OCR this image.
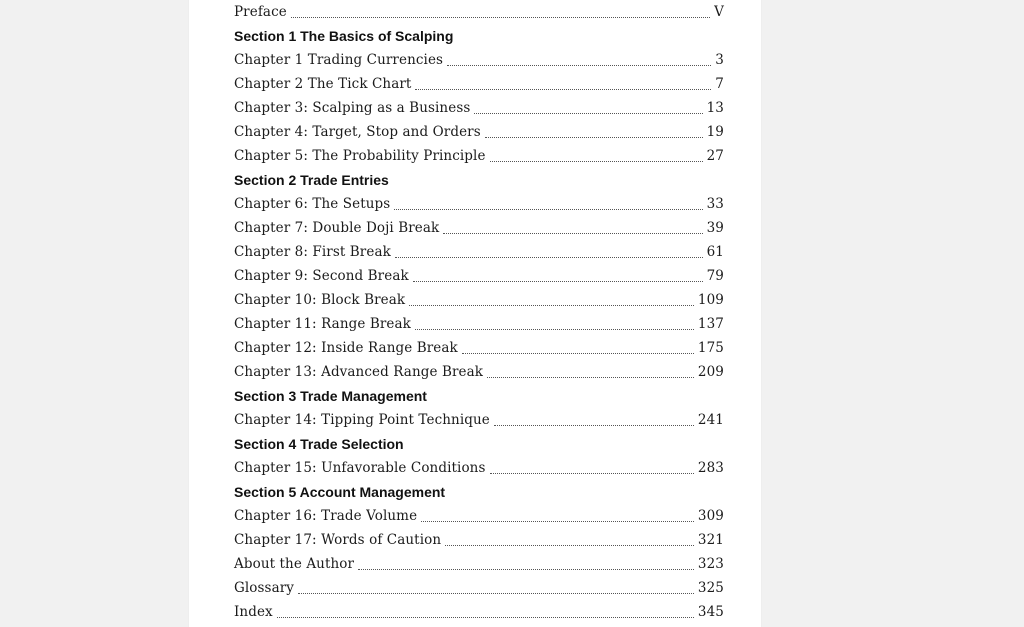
Preface	V
Section 1 The Basics of Scalping
Chapter 1 Trading Currencies	3
Chapter 2 The Tick Chart	7
Chapter 3: Scalping as a Business	13
Chapter 4: Target, Stop and Orders	19
Chapter 5: The Probability Principle	27
Section 2 Trade Entries
Chapter 6: The Setups	33
Chapter 7: Double Doji Break	39
Chapter 8: First Break	61
Chapter 9: Second Break	79
Chapter 10: Block Break	109
Chapter 11: Range Break	137
Chapter 12: Inside Range Break	175
Chapter 13: Advanced Range Break	209
Section 3 Trade Management
Chapter 14: Tipping Point Technique	241
Section 4 Trade Selection
Chapter 15: Unfavorable Conditions	283
Section 5 Account Management
Chapter 16: Trade Volume	309
Chapter 17: Words of Caution	321
About the Author	323
Glossary	325
Index	345
